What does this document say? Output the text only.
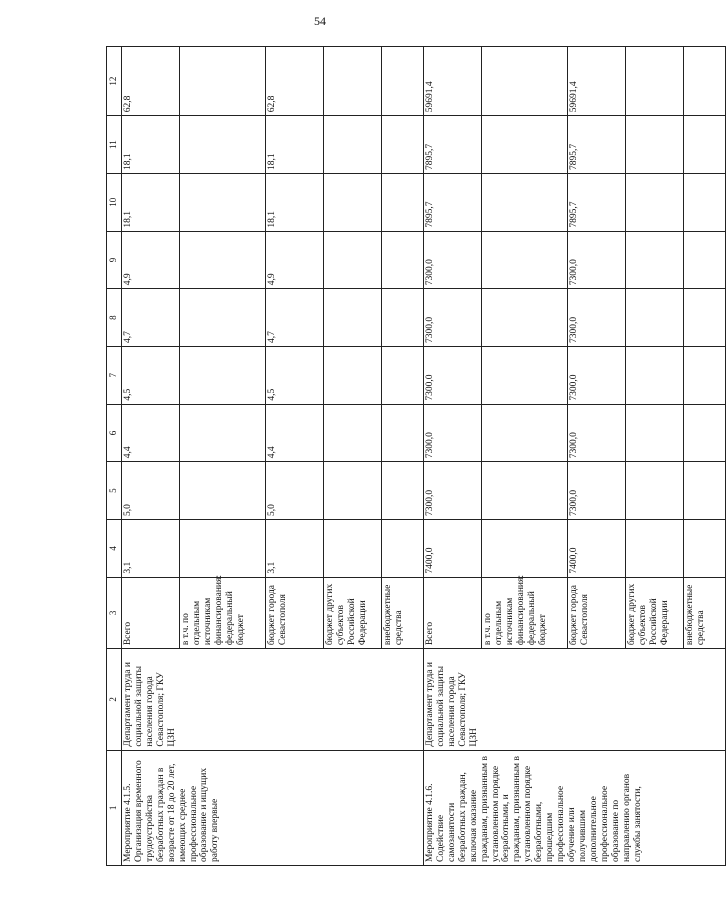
54
1	2	3	4	5	6	7	8	9	10	11	12
Мероприятие 4.1.5. Организация временного трудоустройства безработных граждан в возрасте от 18 до 20 лет, имеющих среднее профессиональное образование и ищущих работу впервые	Департамент труда и социальной защиты населения города Севастополя; ГКУ ЦЗН	Всего	3,1	5,0	4,4	4,5	4,7	4,9	18,1	18,1	62,8
		в т.ч. по отдельным источникам финансирования: федеральный бюджет									
		бюджет города Севастополя	3,1	5,0	4,4	4,5	4,7	4,9	18,1	18,1	62,8
		бюджет других субъектов Российской Федерации									
		внебюджетные средства									
Мероприятие 4.1.6. Содействие самозанятости безработных граждан, включая оказание гражданам, признанным в установленном порядке безработными, и гражданам, признанным в установленном порядке безработными, прошедшим профессиональное обучение или получившим дополнительное профессиональное образование по направлению органов службы занятости,	Департамент труда и социальной защиты населения города Севастополя; ГКУ ЦЗН	Всего	7400,0	7300,0	7300,0	7300,0	7300,0	7300,0	7895,7	7895,7	59691,4
		в т.ч. по отдельным источникам финансирования: федеральный бюджет									
		бюджет города Севастополя	7400,0	7300,0	7300,0	7300,0	7300,0	7300,0	7895,7	7895,7	59691,4
		бюджет других субъектов Российской Федерации									
		внебюджетные средства									
